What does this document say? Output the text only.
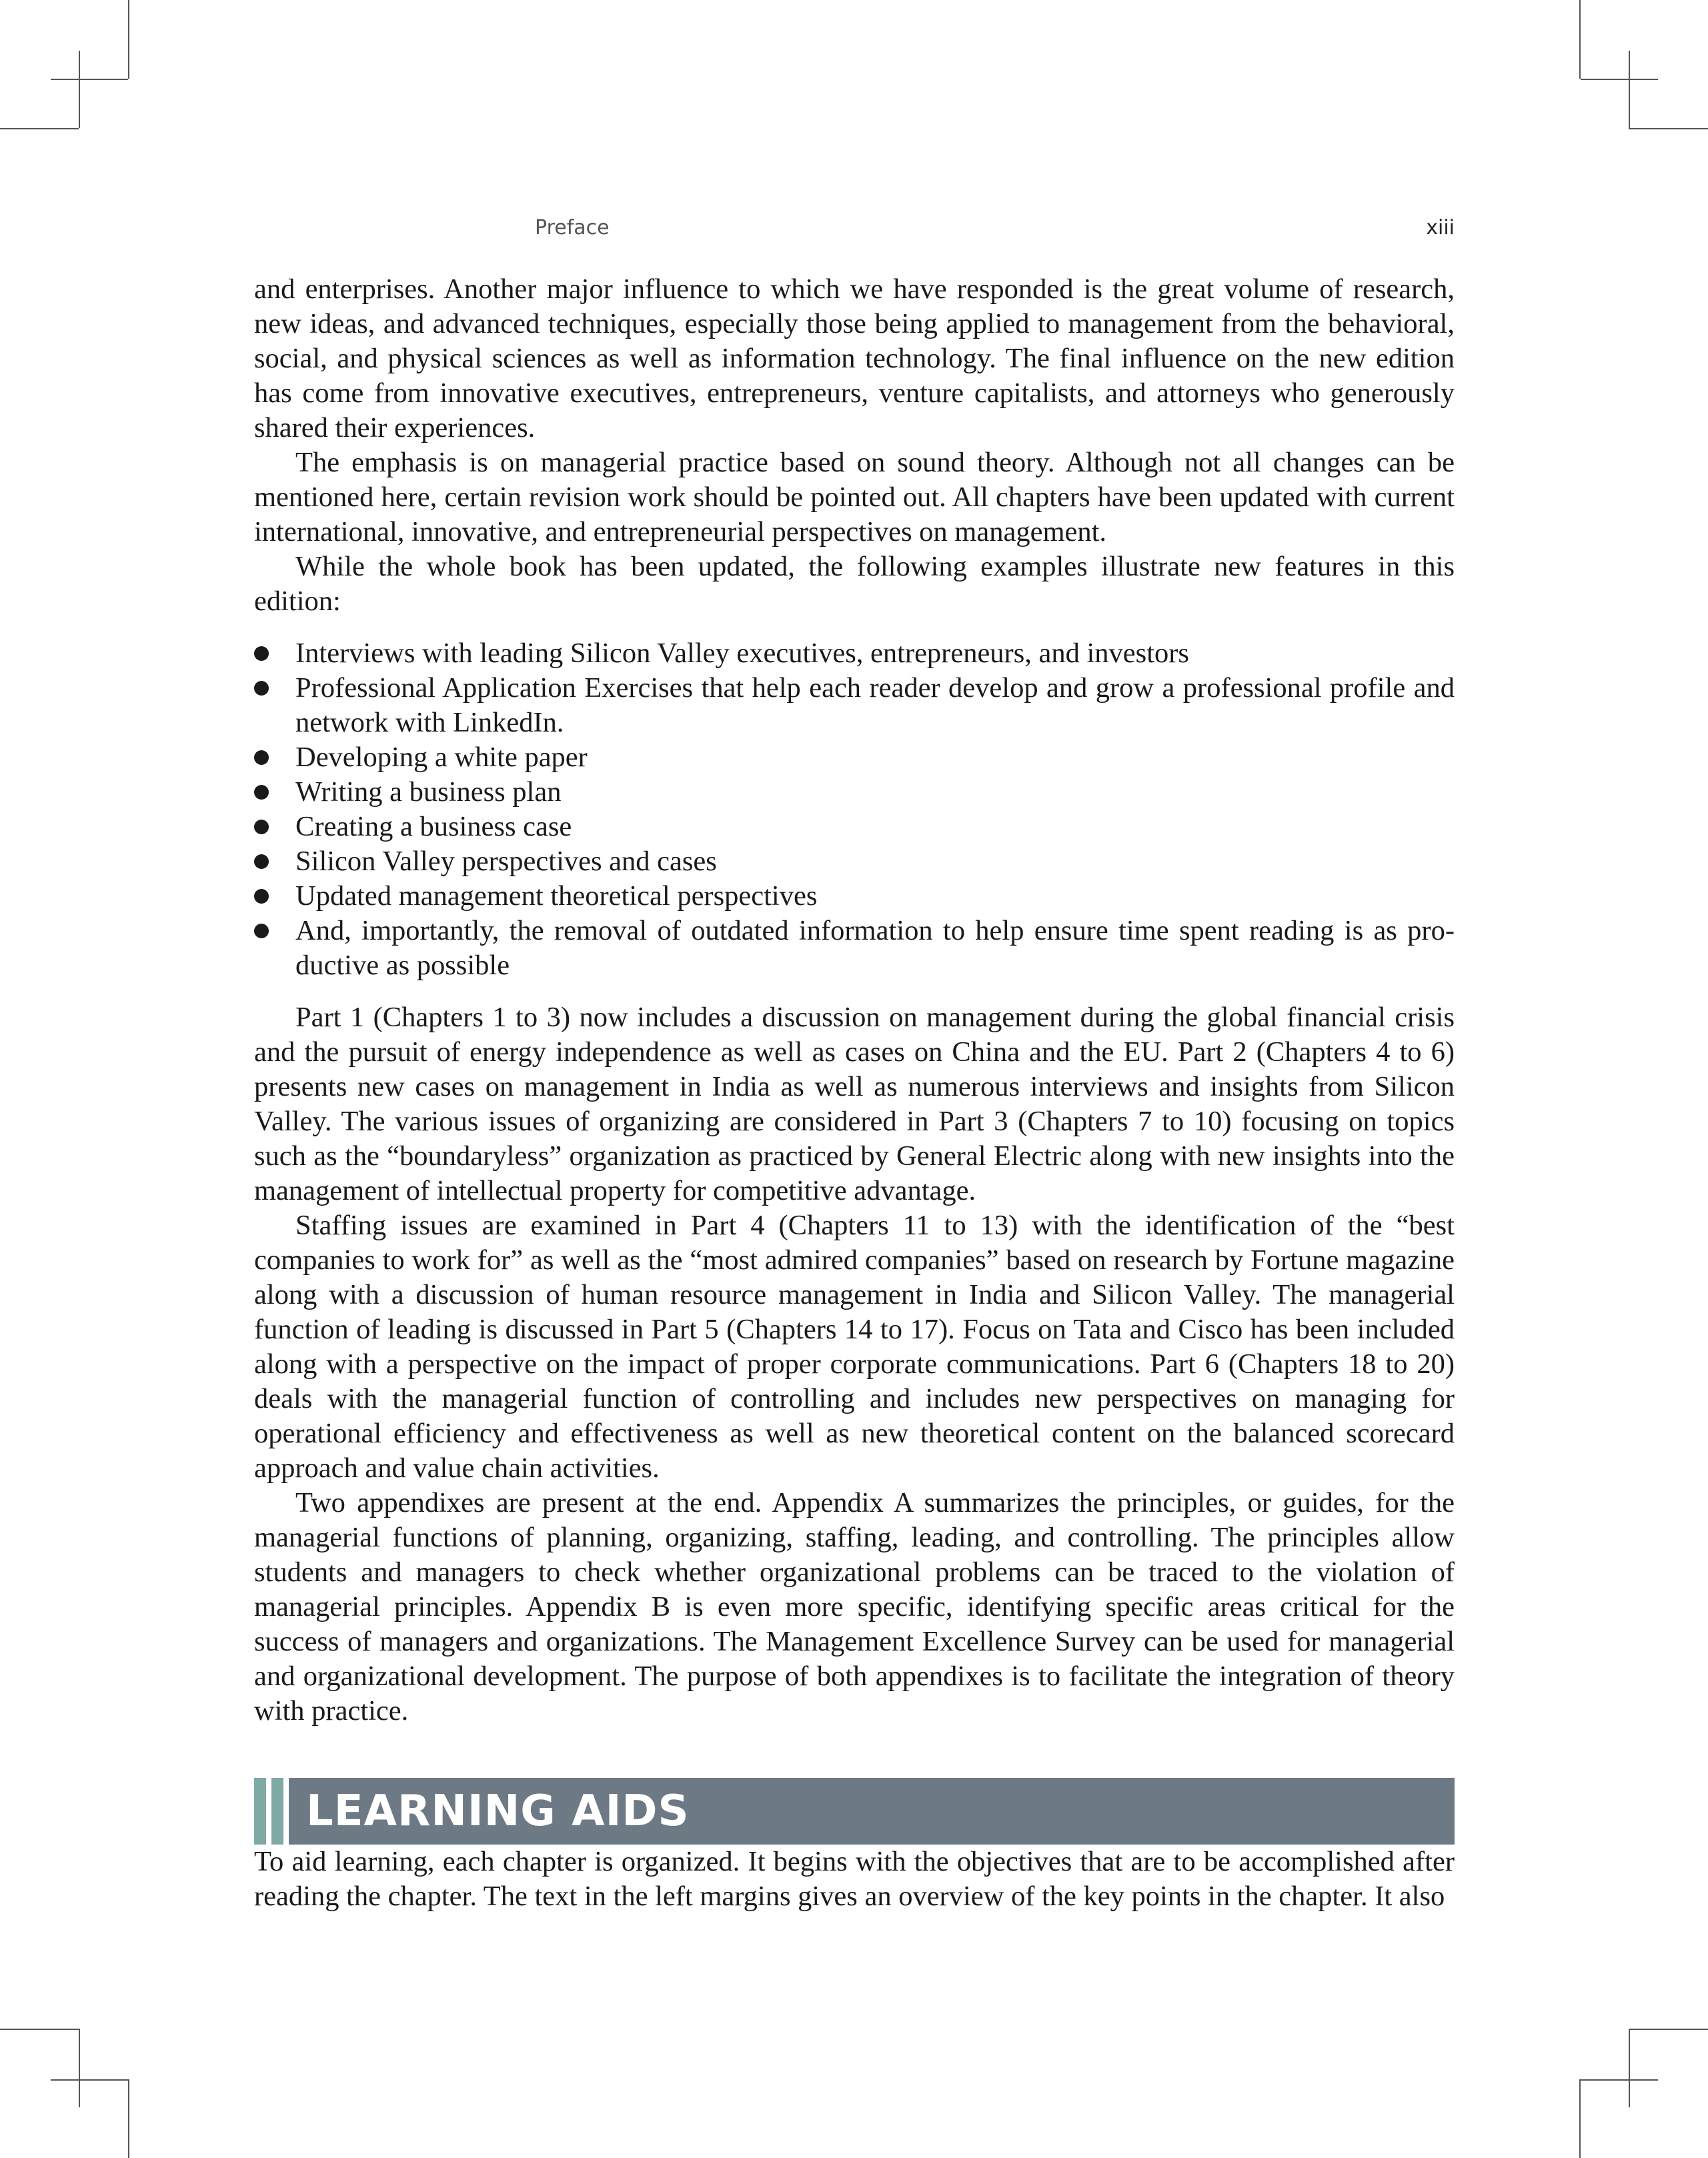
Preface	xiii

and enterprises. Another major influence to which we have responded is the great volume of research, new ideas, and advanced techniques, especially those being applied to management from the behavioral, social, and physical sciences as well as information technology. The final influence on the new edition has come from innovative executives, entrepreneurs, venture capitalists, and attorneys who generously shared their experiences.

The emphasis is on managerial practice based on sound theory. Although not all changes can be mentioned here, certain revision work should be pointed out. All chapters have been updated with current international, innovative, and entrepreneurial perspectives on management.

While the whole book has been updated, the following examples illustrate new features in this edition:

Interviews with leading Silicon Valley executives, entrepreneurs, and investors
Professional Application Exercises that help each reader develop and grow a professional profile and network with LinkedIn.
Developing a white paper
Writing a business plan
Creating a business case
Silicon Valley perspectives and cases
Updated management theoretical perspectives
And, importantly, the removal of outdated information to help ensure time spent reading is as pro-ductive as possible

Part 1 (Chapters 1 to 3) now includes a discussion on management during the global financial crisis and the pursuit of energy independence as well as cases on China and the EU. Part 2 (Chapters 4 to 6) presents new cases on management in India as well as numerous interviews and insights from Silicon Valley. The various issues of organizing are considered in Part 3 (Chapters 7 to 10) focusing on topics such as the “boundaryless” organization as practiced by General Electric along with new insights into the management of intellectual property for competitive advantage.

Staffing issues are examined in Part 4 (Chapters 11 to 13) with the identification of the “best companies to work for” as well as the “most admired companies” based on research by Fortune magazine along with a discussion of human resource management in India and Silicon Valley. The managerial function of leading is discussed in Part 5 (Chapters 14 to 17). Focus on Tata and Cisco has been included along with a perspective on the impact of proper corporate communications. Part 6 (Chapters 18 to 20) deals with the managerial function of controlling and includes new perspectives on managing for operational efficiency and effectiveness as well as new theoretical content on the balanced scorecard approach and value chain activities.

Two appendixes are present at the end. Appendix A summarizes the principles, or guides, for the managerial functions of planning, organizing, staffing, leading, and controlling. The principles allow students and managers to check whether organizational problems can be traced to the violation of managerial principles. Appendix B is even more specific, identifying specific areas critical for the success of managers and organizations. The Management Excellence Survey can be used for managerial and organizational development. The purpose of both appendixes is to facilitate the integration of theory with practice.

LEARNING AIDS

To aid learning, each chapter is organized. It begins with the objectives that are to be accomplished after reading the chapter. The text in the left margins gives an overview of the key points in the chapter. It also
